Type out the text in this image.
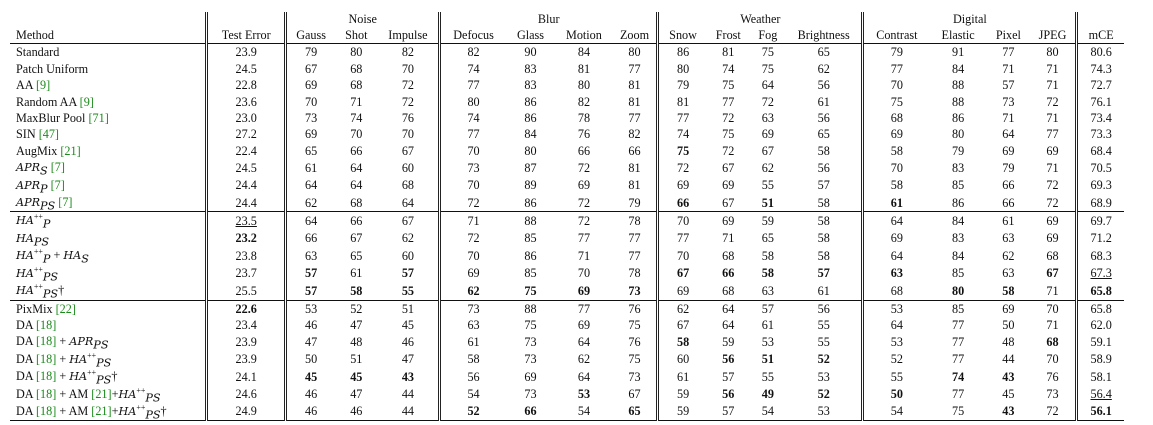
		Noise			Blur				Weather				Digital				
Method	Test Error	Gauss	Shot	Impulse	Defocus	Glass	Motion	Zoom	Snow	Frost	Fog	Brightness	Contrast	Elastic	Pixel	JPEG	mCE
Standard	23.9	79	80	82	82	90	84	80	86	81	75	65	79	91	77	80	80.6
Patch Uniform	24.5	67	68	70	74	83	81	77	80	74	75	62	77	84	71	71	74.3
AA [9]	22.8	69	68	72	77	83	80	81	79	75	64	56	70	88	57	71	72.7
Random AA [9]	23.6	70	71	72	80	86	82	81	81	77	72	61	75	88	73	72	76.1
MaxBlur Pool [71]	23.0	73	74	76	74	86	78	77	77	72	63	56	68	86	71	71	73.4
SIN [47]	27.2	69	70	70	77	84	76	82	74	75	69	65	69	80	64	77	73.3
AugMix [21]	22.4	65	66	67	70	80	66	66	75	72	67	58	58	79	69	69	68.4
$APR_S$ [7]	24.5	61	64	60	73	87	72	81	72	67	62	56	70	83	79	71	70.5
$APR_P$ [7]	24.4	64	64	68	70	89	69	81	69	69	55	57	58	85	66	72	69.3
$APR_{PS}$ [7]	24.4	62	68	64	72	86	72	79	66	67	51	58	61	86	66	72	68.9
$HA^{++}_P$	23.5	64	66	67	71	88	72	78	70	69	59	58	64	84	61	69	69.7
$HA_{PS}$	23.2	66	67	62	72	85	77	77	77	71	65	58	69	83	63	69	71.2
$HA^{++}_P + HA_S$	23.8	63	65	60	70	86	71	77	70	68	58	58	64	84	62	68	68.3
$HA^{++}_{PS}$	23.7	57	61	57	69	85	70	78	67	66	58	57	63	85	63	67	67.3
$HA^{++}_{PS}\dagger$	25.5	57	58	55	62	75	69	73	69	68	63	61	68	80	58	71	65.8
PixMix [22]	22.6	53	52	51	73	88	77	76	62	64	57	56	53	85	69	70	65.8
DA [18]	23.4	46	47	45	63	75	69	75	67	64	61	55	64	77	50	71	62.0
DA $[18] + APR_{PS}$	23.9	47	48	46	61	73	64	76	58	59	53	55	53	77	48	68	59.1
DA $[18] + HA^{++}_{PS}$	23.9	50	51	47	58	73	62	75	60	56	51	52	52	77	44	70	58.9
DA $[18] + HA^{++}_{PS}\dagger$	24.1	45	45	43	56	69	64	73	61	57	55	53	55	74	43	76	58.1
DA [18] + AM $[21]+HA^{++}_{PS}$	24.6	46	47	44	54	73	53	67	59	56	49	52	50	77	45	73	56.4
DA [18] + AM $[21]+HA^{++}_{PS}\dagger$	24.9	46	46	44	52	66	54	65	59	57	54	53	54	75	43	72	56.1
